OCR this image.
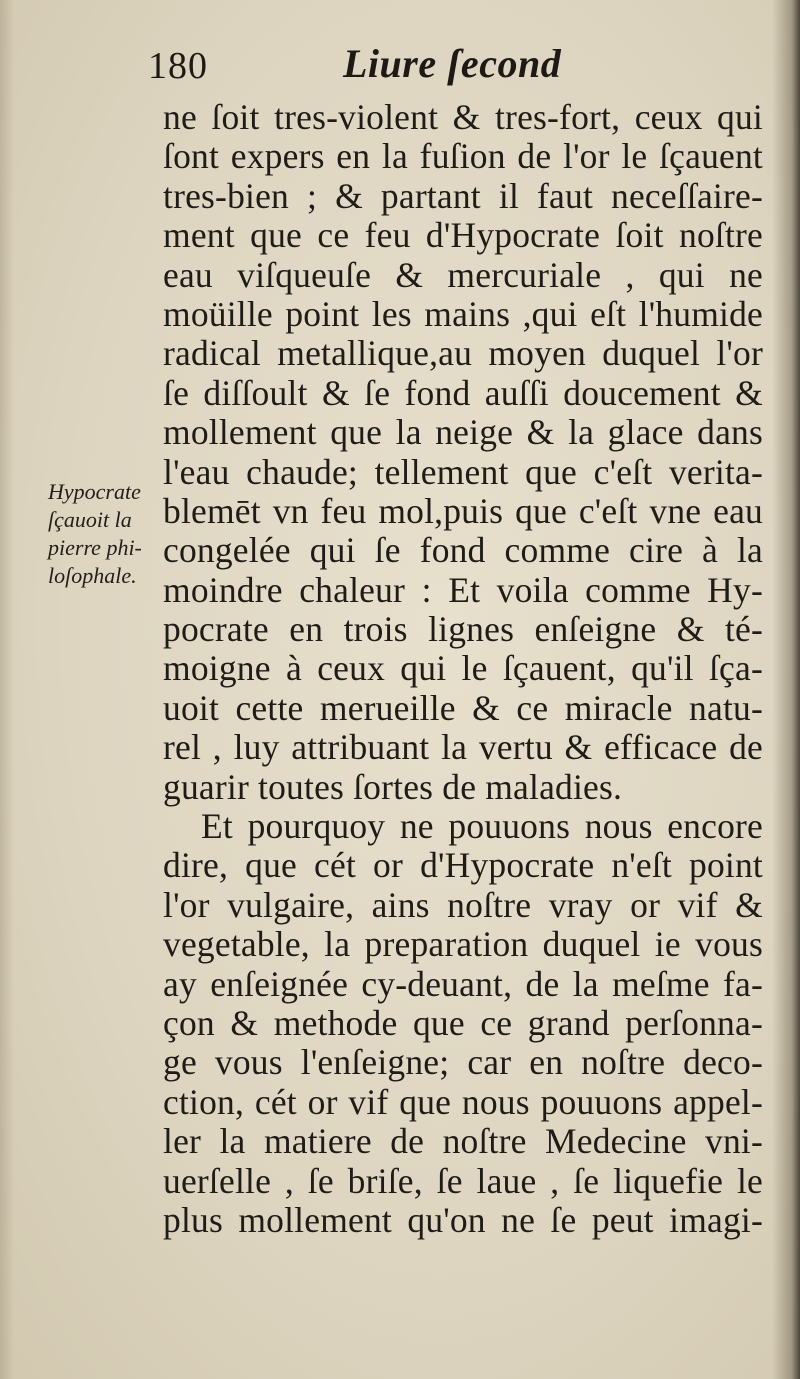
180	Liure ſecond
Hypocrate
ſçauoit la
pierre phi-
loſophale.
ne ſoit tres-violent & tres-fort, ceux qui
ſont expers en la fuſion de l'or le ſçauent
tres-bien ; & partant il faut neceſſaire-
ment que ce feu d'Hypocrate ſoit noſtre
eau viſqueuſe & mercuriale , qui ne
moüille point les mains ,qui eſt l'humide
radical metallique,au moyen duquel l'or
ſe diſſoult & ſe fond auſſi doucement &
mollement que la neige & la glace dans
l'eau chaude; tellement que c'eſt verita-
blemēt vn feu mol,puis que c'eſt vne eau
congelée qui ſe fond comme cire à la
moindre chaleur : Et voila comme Hy-
pocrate en trois lignes enſeigne & té-
moigne à ceux qui le ſçauent, qu'il ſça-
uoit cette merueille & ce miracle natu-
rel , luy attribuant la vertu & efficace de
guarir toutes ſortes de maladies.
Et pourquoy ne pouuons nous encore
dire, que cét or d'Hypocrate n'eſt point
l'or vulgaire, ains noſtre vray or vif &
vegetable, la preparation duquel ie vous
ay enſeignée cy-deuant, de la meſme fa-
çon & methode que ce grand perſonna-
ge vous l'enſeigne; car en noſtre deco-
ction, cét or vif que nous pouuons appel-
ler la matiere de noſtre Medecine vni-
uerſelle , ſe briſe, ſe laue , ſe liquefie le
plus mollement qu'on ne ſe peut imagi-
